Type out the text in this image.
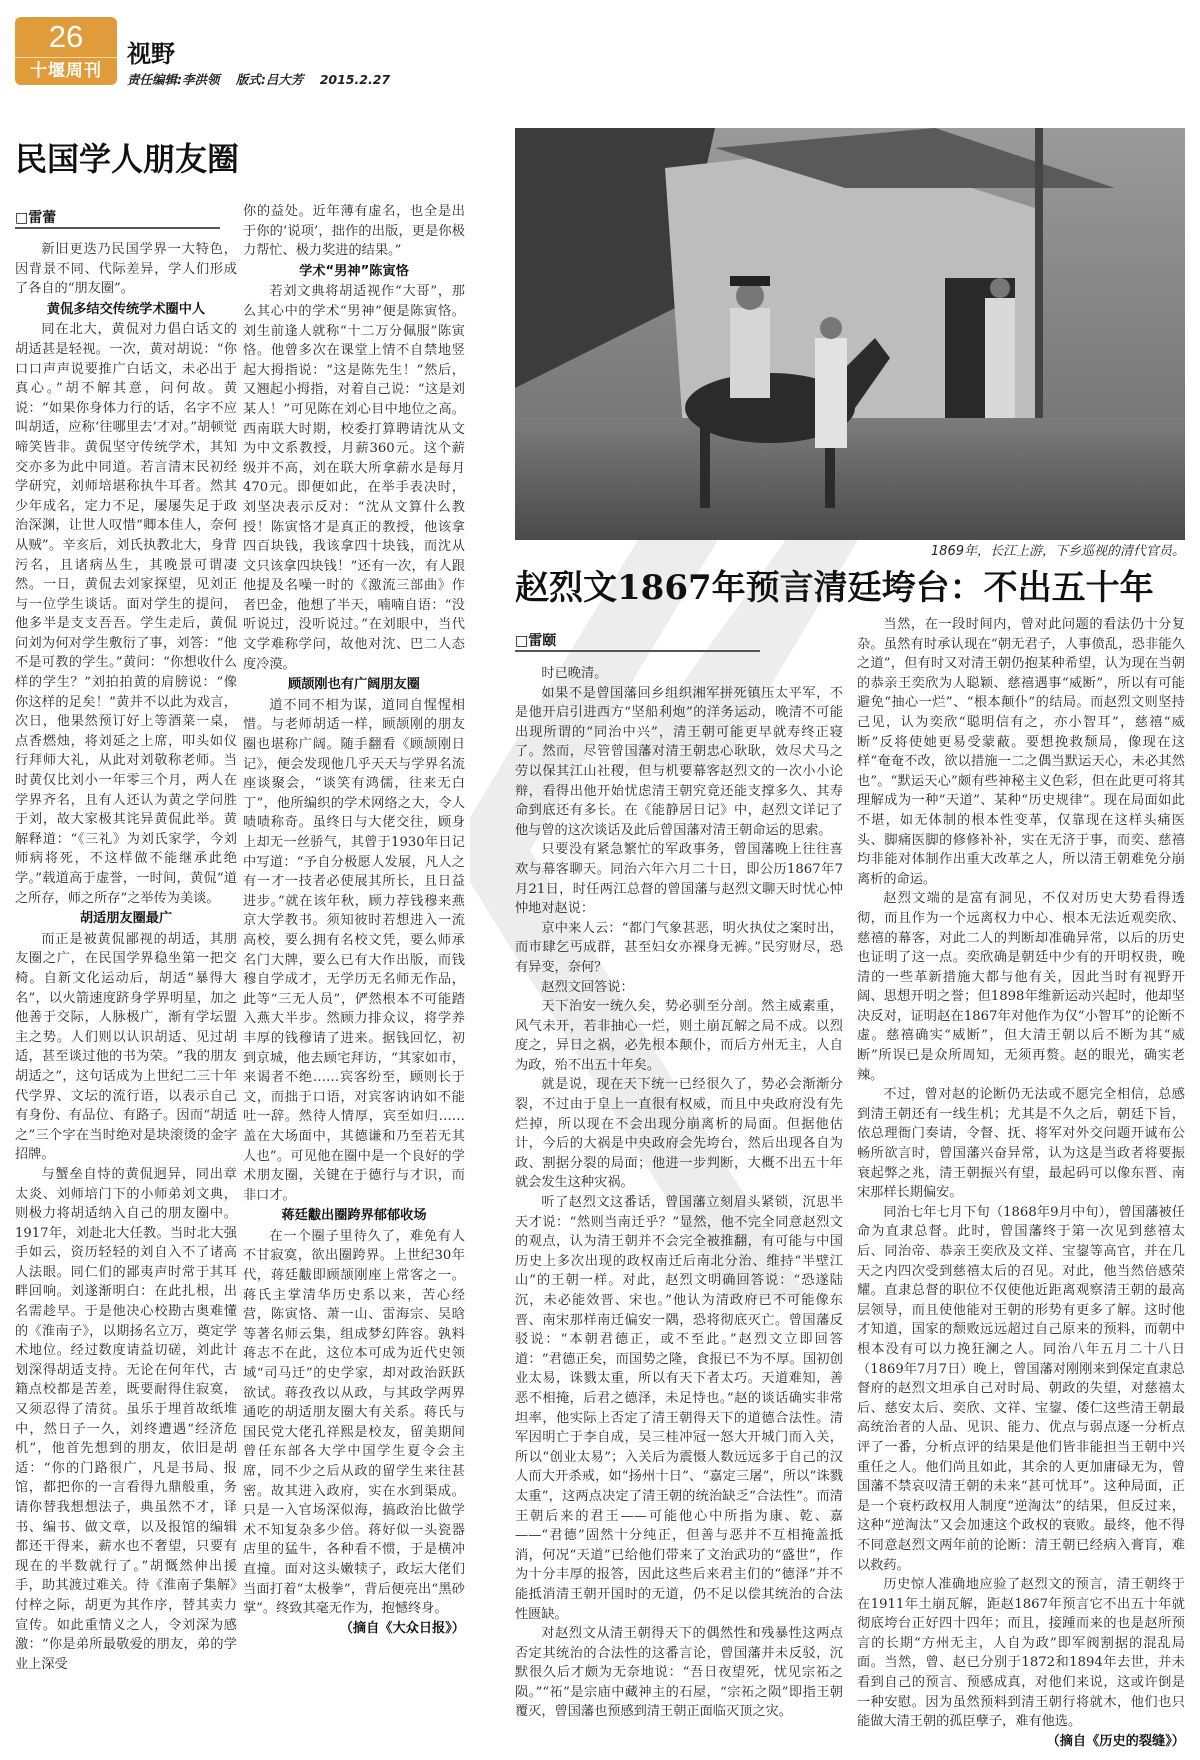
26
十堰周刊
视野
责任编辑:李洪领 版式:吕大芳 2015.2.27
民国学人朋友圈
□雷蕾

新旧更迭乃民国学界一大特色，因背景不同、代际差异，学人们形成了各自的“朋友圈”。

黄侃多结交传统学术圈中人

同在北大，黄侃对力倡白话文的胡适甚是轻视。一次，黄对胡说：“你口口声声说要推广白话文，未必出于真心。”胡不解其意，问何故。黄说：“如果你身体力行的话，名字不应叫胡适，应称‘往哪里去’才对。”胡顿觉啼笑皆非。黄侃坚守传统学术，其知交亦多为此中同道。若言清末民初经学研究，刘师培堪称执牛耳者。然其少年成名，定力不足，屡屡失足于政治深渊，让世人叹惜“卿本佳人，奈何从贼”。辛亥后，刘氏执教北大，身背污名，且诸病丛生，其晚景可谓凄然。一日，黄侃去刘家探望，见刘正与一位学生谈话。面对学生的提问，他多半是支支吾吾。学生走后，黄侃问刘为何对学生敷衍了事，刘答：“他不是可教的学生。”黄问：“你想收什么样的学生？”刘拍拍黄的肩膀说：“像你这样的足矣！”黄并不以此为戏言，次日，他果然预订好上等酒菜一桌，点香燃烛，将刘延之上席，叩头如仪行拜师大礼，从此对刘敬称老师。当时黄仅比刘小一年零三个月，两人在学界齐名，且有人还认为黄之学问胜于刘，故大家极其诧异黄侃此举。黄解释道：“《三礼》为刘氏家学，今刘师病将死，不这样做不能继承此绝学。”载道高于虚誉，一时间，黄侃“道之所存，师之所存”之举传为美谈。

胡适朋友圈最广

而正是被黄侃鄙视的胡适，其朋友圈之广，在民国学界稳坐第一把交椅。自新文化运动后，胡适“暴得大名”，以火箭速度跻身学界明星，加之他善于交际，人脉极广，渐有学坛盟主之势。人们则以认识胡适、见过胡适，甚至谈过他的书为荣。“我的朋友胡适之”，这句话成为上世纪二三十年代学界、文坛的流行语，以表示自己有身份、有品位、有路子。因而“胡适之”三个字在当时绝对是块滚烫的金字招牌。

与蟹垒自恃的黄侃迥异，同出章太炎、刘师培门下的小师弟刘文典，则极力将胡适纳入自己的朋友圈中。1917年，刘赴北大任教。当时北大强手如云，资历轻轻的刘自入不了诸高人法眼。同仁们的鄙夷声时常于其耳畔回响。刘遂渐明白：在此扎根，出名需趁早。于是他决心校勘古奥难懂的《淮南子》，以期扬名立万，奠定学术地位。经过数度请益切磋，刘此计划深得胡适支持。无论在何年代，古籍点校都是苦差，既要耐得住寂寞，又须忍得了清贫。虽乐于埋首故纸堆中，然日子一久，刘终遭遇“经济危机”，他首先想到的朋友，依旧是胡适：“你的门路很广，凡是书局、报馆，都把你的一言看得九鼎般重，务请你替我想想法子，典虽然不才，译书、编书、做文章，以及报馆的编辑都还干得来，薪水也不奢望，只要有现在的半数就行了。”胡慨然伸出援手，助其渡过难关。待《淮南子集解》付梓之际，胡更为其作序，替其卖力宣传。如此重情义之人，令刘深为感激：“你是弟所最敬爱的朋友，弟的学业上深受

你的益处。近年薄有虚名，也全是出于你的‘说项’，拙作的出版，更是你极力帮忙、极力奖进的结果。”

学术“男神”陈寅恪

若刘文典将胡适视作“大哥”，那么其心中的学术“男神”便是陈寅恪。刘生前逢人就称“十二万分佩服”陈寅恪。他曾多次在课堂上情不自禁地竖起大拇指说：“这是陈先生！”然后，又翘起小拇指，对着自己说：“这是刘某人！”可见陈在刘心目中地位之高。西南联大时期，校委打算聘请沈从文为中文系教授，月薪360元。这个薪级并不高，刘在联大所拿薪水是每月470元。即便如此，在举手表决时，刘坚决表示反对：“沈从文算什么教授！陈寅恪才是真正的教授，他该拿四百块钱，我该拿四十块钱，而沈从文只该拿四块钱！”还有一次，有人跟他提及名噪一时的《激流三部曲》作者巴金，他想了半天，喃喃自语：“没听说过，没听说过。”在刘眼中，当代文学难称学问，故他对沈、巴二人态度冷漠。

顾颉刚也有广阔朋友圈

道不同不相为谋，道同自惺惺相惜。与老师胡适一样，顾颉刚的朋友圈也堪称广阔。随手翻看《顾颉刚日记》，便会发现他几乎天天与学界名流座谈聚会，“谈笑有鸿儒，往来无白丁”，他所编织的学术网络之大，令人啧啧称奇。虽终日与大佬交往，顾身上却无一丝骄气，其曾于1930年日记中写道：“予自分极愿人发展，凡人之有一才一技者必使展其所长，且日益进步。”就在该年秋，顾力荐钱穆来燕京大学教书。须知彼时若想进入一流高校，要么拥有名校文凭，要么师承名门大牌，要么已有大作出版，而钱穆自学成才，无学历无名师无作品，此等“三无人员”，俨然根本不可能踏入燕大半步。然顾力排众议，将学养丰厚的钱穆请了进来。据钱回忆，初到京城，他去顾宅拜访，“其家如市，来谒者不绝……宾客纷至，顾则长于文，而拙于口语，对宾客讷讷如不能吐一辞。然待人情厚，宾至如归……盖在大场面中，其德谦和乃至若无其人也”。可见他在圈中是一个良好的学术朋友圈，关键在于德行与才识，而非口才。

蒋廷黻出圈跨界郁郁收场

在一个圈子里待久了，难免有人不甘寂寞，欲出圈跨界。上世纪30年代，蒋廷黻即顾颉刚座上常客之一。蒋氏主掌清华历史系以来，苦心经营，陈寅恪、萧一山、雷海宗、吴晗等著名师云集，组成梦幻阵容。孰料蒋志不在此，这位本可成为近代史领域“司马迁”的史学家，却对政治跃跃欲试。蒋孜孜以从政，与其政学两界通吃的胡适朋友圈大有关系。蒋氏与国民党大佬孔祥熙是校友，留美期间曾任东部各大学中国学生夏令会主席，同不少之后从政的留学生来往甚密。故其进入政府，实在水到渠成。只是一入官场深似海，搞政治比做学术不知复杂多少倍。蒋好似一头瓷器店里的猛牛，各种看不惯，于是横冲直撞。面对这头嫩犊子，政坛大佬们当面打着“太极拳”，背后便亮出“黑砂掌”。终致其毫无作为，抱憾终身。

（摘自《大众日报》）

1869年，长江上游，下乡巡视的清代官员。
赵烈文1867年预言清廷垮台：不出五十年
□雷颐

时已晚清。

如果不是曾国藩回乡组织湘军拼死镇压太平军，不是他开启引进西方“坚船利炮”的洋务运动，晚清不可能出现所谓的“同治中兴”，清王朝可能更早就寿终正寝了。然而，尽管曾国藩对清王朝忠心耿耿，效尽犬马之劳以保其江山社稷，但与机要幕客赵烈文的一次小小论辩，看得出他开始忧虑清王朝究竟还能支撑多久、其寿命到底还有多长。在《能静居日记》中，赵烈文详记了他与曾的这次谈话及此后曾国藩对清王朝命运的思索。

只要没有紧急繁忙的军政事务，曾国藩晚上往往喜欢与幕客聊天。同治六年六月二十日，即公历1867年7月21日，时任两江总督的曾国藩与赵烈文聊天时忧心忡忡地对赵说：

京中来人云：“都门气象甚恶，明火执仗之案时出，而市肆乞丐成群，甚至妇女亦裸身无裤。”民穷财尽，恐有异变，奈何？

赵烈文回答说：

天下治安一统久矣，势必驯至分剖。然主威素重，风气未开，若非抽心一烂，则土崩瓦解之局不成。以烈度之，异日之祸，必先根本颠仆，而后方州无主，人自为政，殆不出五十年矣。

就是说，现在天下统一已经很久了，势必会渐渐分裂，不过由于皇上一直很有权威，而且中央政府没有先烂掉，所以现在不会出现分崩离析的局面。但据他估计，今后的大祸是中央政府会先垮台，然后出现各自为政、割据分裂的局面；他进一步判断，大概不出五十年就会发生这种灾祸。

听了赵烈文这番话，曾国藩立刻眉头紧锁，沉思半天才说：“然则当南迁乎？”显然，他不完全同意赵烈文的观点，认为清王朝并不会完全被推翻，有可能与中国历史上多次出现的政权南迁后南北分治、维持“半壁江山”的王朝一样。对此，赵烈文明确回答说：“恐遂陆沉，未必能效晋、宋也。”他认为清政府已不可能像东晋、南宋那样南迁偏安一隅，恐将彻底灭亡。曾国藩反驳说：“本朝君德正，或不至此。”赵烈文立即回答道：“君德正矣，而国势之隆，食报已不为不厚。国初创业太易，诛戮太重，所以有天下者太巧。天道难知，善恶不相掩，后君之德泽，未足恃也。”赵的谈话确实非常坦率，他实际上否定了清王朝得天下的道德合法性。清军因明亡于李自成，吴三桂冲冠一怒大开城门而入关，所以“创业太易”；入关后为震慑人数远远多于自己的汉人而大开杀戒，如“扬州十日”、“嘉定三屠”，所以“诛戮太重”，这两点决定了清王朝的统治缺乏“合法性”。而清王朝后来的君王——可能他心中所指为康、乾、嘉——“君德”固然十分纯正，但善与恶并不互相掩盖抵消，何况“天道”已给他们带来了文治武功的“盛世”，作为十分丰厚的报答，因此这些后来君主们的“德泽”并不能抵消清王朝开国时的无道，仍不足以偿其统治的合法性匮缺。

对赵烈文从清王朝得天下的偶然性和残暴性这两点否定其统治的合法性的这番言论，曾国藩并未反驳，沉默很久后才颇为无奈地说：“吾日夜望死，忧见宗祏之陨。”“祏”是宗庙中藏神主的石屋，“宗祏之陨”即指王朝覆灭，曾国藩也预感到清王朝正面临灭顶之灾。

当然，在一段时间内，曾对此问题的看法仍十分复杂。虽然有时承认现在“朝无君子，人事偾乱，恐非能久之道”，但有时又对清王朝仍抱某种希望，认为现在当朝的恭亲王奕欣为人聪颖、慈禧遇事“威断”，所以有可能避免“抽心一烂”、“根本颠仆”的结局。而赵烈文则坚持己见，认为奕欣“聪明信有之，亦小智耳”，慈禧“威断”反将使她更易受蒙蔽。要想挽救颓局，像现在这样“奄奄不改，欲以措施一二之偶当默运天心，未必其然也”。“默运天心”颇有些神秘主义色彩，但在此更可将其理解成为一种“天道”、某种“历史规律”。现在局面如此不堪，如无体制的根本性变革，仅靠现在这样头痛医头、脚痛医脚的修修补补，实在无济于事，而奕、慈禧均非能对体制作出重大改革之人，所以清王朝难免分崩离析的命运。

赵烈文端的是富有洞见，不仅对历史大势看得透彻，而且作为一个远离权力中心、根本无法近观奕欣、慈禧的幕客，对此二人的判断却准确异常，以后的历史也证明了这一点。奕欣确是朝廷中少有的开明权贵，晚清的一些革新措施大都与他有关，因此当时有视野开阔、思想开明之誉；但1898年维新运动兴起时，他却坚决反对，证明赵在1867年对他作为仅“小智耳”的论断不虚。慈禧确实“威断”，但大清王朝以后不断为其“威断”所误已是众所周知，无须再赘。赵的眼光，确实老辣。

不过，曾对赵的论断仍无法或不愿完全相信，总感到清王朝还有一线生机；尤其是不久之后，朝廷下旨，依总理衙门奏请，令督、抚、将军对外交问题开诚布公畅所欲言时，曾国藩兴奋异常，认为这是当政者将要振衰起弊之兆，清王朝振兴有望，最起码可以像东晋、南宋那样长期偏安。

同治七年七月下旬（1868年9月中旬），曾国藩被任命为直隶总督。此时，曾国藩终于第一次见到慈禧太后、同治帝、恭亲王奕欣及文祥、宝鋆等高官，并在几天之内四次受到慈禧太后的召见。对此，他当然倍感荣耀。直隶总督的职位不仅使他近距离观察清王朝的最高层领导，而且使他能对王朝的形势有更多了解。这时他才知道，国家的颓败远远超过自己原来的预料，而朝中根本没有可以力挽狂澜之人。同治八年五月二十八日（1869年7月7日）晚上，曾国藩对刚刚来到保定直隶总督府的赵烈文坦承自己对时局、朝政的失望，对慈禧太后、慈安太后、奕欣、文祥、宝鋆、倭仁这些清王朝最高统治者的人品、见识、能力、优点与弱点逐一分析点评了一番，分析点评的结果是他们皆非能担当王朝中兴重任之人。他们尚且如此，其余的人更加庸碌无为，曾国藩不禁哀叹清王朝的未来“甚可忧耳”。这种局面，正是一个衰朽政权用人制度“逆淘汰”的结果，但反过来，这种“逆淘汰”又会加速这个政权的衰败。最终，他不得不同意赵烈文两年前的论断：清王朝已经病入膏肓，难以救药。

历史惊人准确地应验了赵烈文的预言，清王朝终于在1911年土崩瓦解，距赵1867年预言它不出五十年就彻底垮台正好四十四年；而且，接踵而来的也是赵所预言的长期“方州无主，人自为政”即军阀割据的混乱局面。当然，曾、赵已分别于1872和1894年去世，并未看到自己的预言、预感成真，对他们来说，这或许倒是一种安慰。因为虽然预料到清王朝行将就木，他们也只能做大清王朝的孤臣孽子，难有他选。

（摘自《历史的裂缝》）
